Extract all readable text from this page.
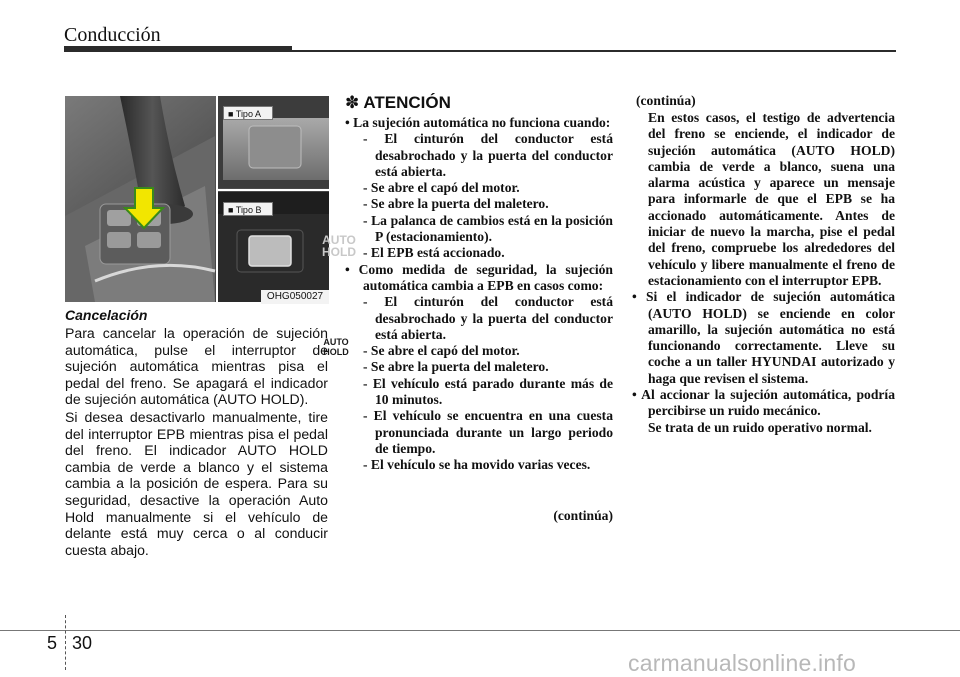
Conducción
AUTO HOLD
AUTO HOLD
■ Tipo A
■ Tipo B
OHG050027
Cancelación
Para cancelar la operación de sujeción automática, pulse el interruptor de sujeción automática mientras pisa el pedal del freno. Se apagará el indicador de sujeción automática (AUTO HOLD).
Si desea desactivarlo manualmente, tire del interruptor EPB mientras pisa el pedal del freno. El indicador AUTO HOLD cambia de verde a blanco y el sistema cambia a la posición de espera. Para su seguridad, desactive la operación Auto Hold manualmente si el vehículo de delante está muy cerca o al conducir cuesta abajo.
✽ ATENCIÓN
• La sujeción automática no funciona cuando:
- El cinturón del conductor está desabrochado y la puerta del conductor está abierta.
- Se abre el capó del motor.
- Se abre la puerta del maletero.
- La palanca de cambios está en la posición P (estacionamiento).
- El EPB está accionado.
• Como medida de seguridad, la sujeción automática cambia a EPB en casos como:
- El cinturón del conductor está desabrochado y la puerta del conductor está abierta.
- Se abre el capó del motor.
- Se abre la puerta del maletero.
- El vehículo está parado durante más de 10 minutos.
- El vehículo se encuentra en una cuesta pronunciada durante un largo periodo de tiempo.
- El vehículo se ha movido varias veces.
(continúa)
(continúa)
En estos casos, el testigo de advertencia del freno se enciende, el indicador de sujeción automática (AUTO HOLD) cambia de verde a blanco, suena una alarma acústica y aparece un mensaje para informarle de que el EPB se ha accionado automáticamente. Antes de iniciar de nuevo la marcha, pise el pedal del freno, compruebe los alrededores del vehículo y libere manualmente el freno de estacionamiento con el interruptor EPB.
• Si el indicador de sujeción automática (AUTO HOLD) se enciende en color amarillo, la sujeción automática no está funcionando correctamente. Lleve su coche a un taller HYUNDAI autorizado y haga que revisen el sistema.
• Al accionar la sujeción automática, podría percibirse un ruido mecánico.
Se trata de un ruido operativo normal.
5 30
carmanualsonline.info
